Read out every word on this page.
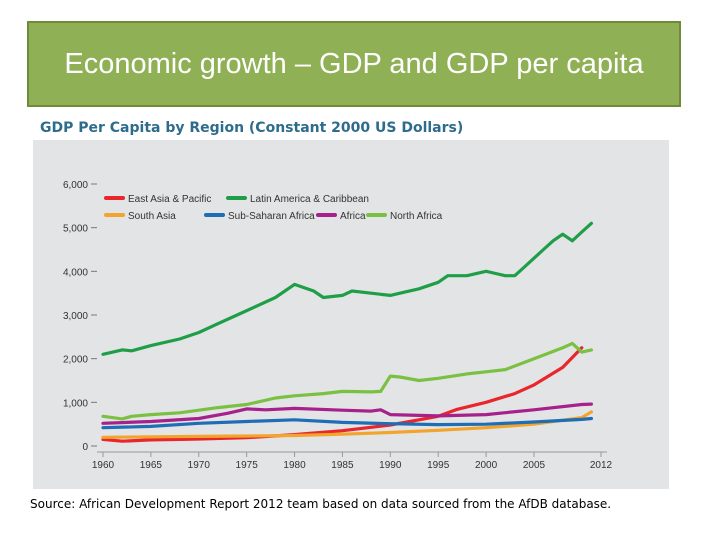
Economic growth – GDP and GDP per capita
GDP Per Capita by Region (Constant 2000 US Dollars)
0
1,000
2,000
3,000
4,000
5,000
6,000
1960	1965	1970	1975	1980	1985	1990	1995	2000	2005	2012
East Asia & Pacific	Latin America & Caribbean
South Asia	Sub-Saharan Africa	Africa North Africa
Source: African Development Report 2012 team based on data sourced from the AfDB database.
